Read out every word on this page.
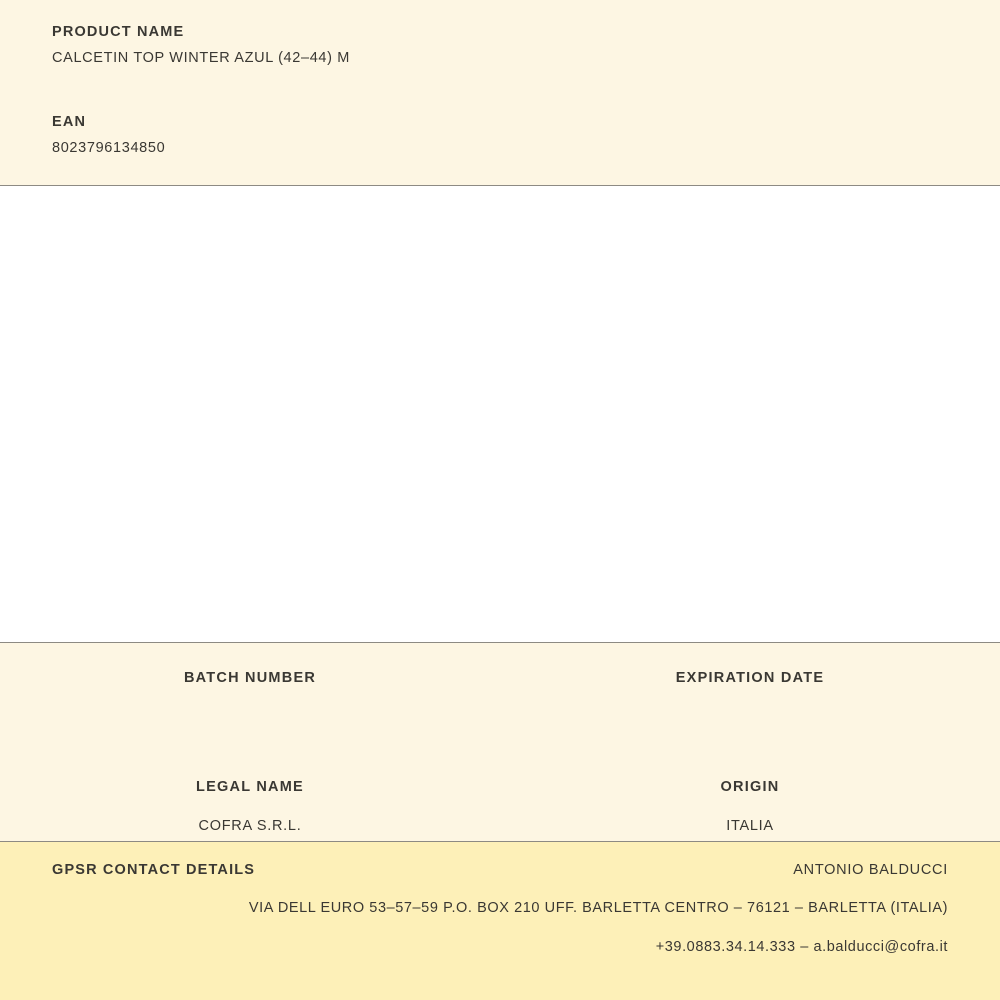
PRODUCT NAME
CALCETIN TOP WINTER AZUL (42–44) M
EAN
8023796134850
BATCH NUMBER	EXPIRATION DATE
LEGAL NAME
COFRA S.R.L.
ORIGIN
ITALIA
GPSR CONTACT DETAILS	ANTONIO BALDUCCI
VIA DELL EURO 53–57–59 P.O. BOX 210 UFF. BARLETTA CENTRO – 76121 – BARLETTA (ITALIA)
+39.0883.34.14.333 – a.balducci@cofra.it
